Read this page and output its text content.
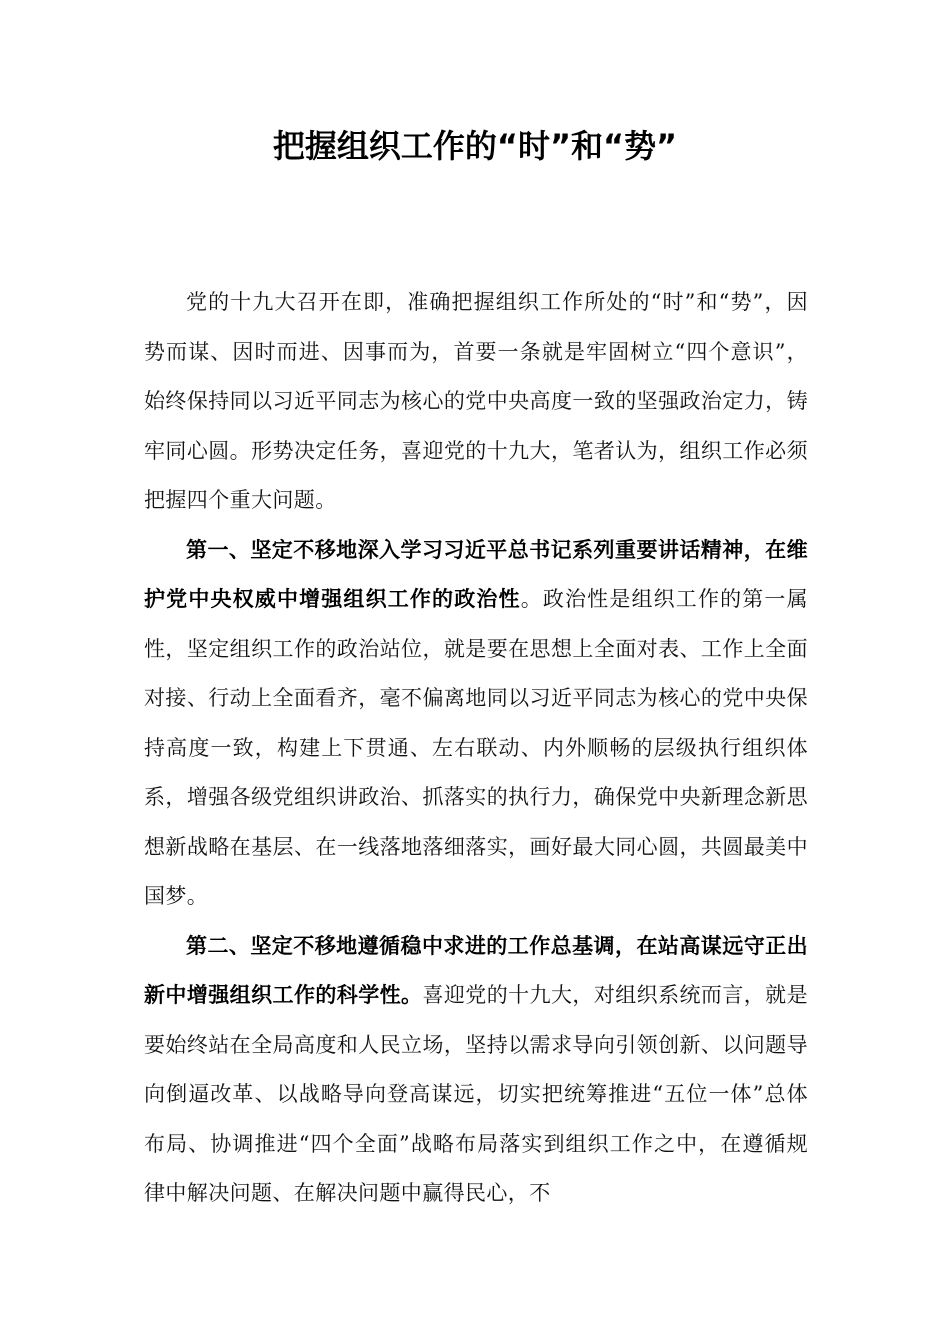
把握组织工作的“时”和“势”

党的十九大召开在即，准确把握组织工作所处的“时”和“势”，因势而谋、因时而进、因事而为，首要一条就是牢固树立“四个意识”，始终保持同以习近平同志为核心的党中央高度一致的坚强政治定力，铸牢同心圆。形势决定任务，喜迎党的十九大，笔者认为，组织工作必须把握四个重大问题。

第一、坚定不移地深入学习习近平总书记系列重要讲话精神，在维护党中央权威中增强组织工作的政治性。政治性是组织工作的第一属性，坚定组织工作的政治站位，就是要在思想上全面对表、工作上全面对接、行动上全面看齐，毫不偏离地同以习近平同志为核心的党中央保持高度一致，构建上下贯通、左右联动、内外顺畅的层级执行组织体系，增强各级党组织讲政治、抓落实的执行力，确保党中央新理念新思想新战略在基层、在一线落地落细落实，画好最大同心圆，共圆最美中国梦。

第二、坚定不移地遵循稳中求进的工作总基调，在站高谋远守正出新中增强组织工作的科学性。喜迎党的十九大，对组织系统而言，就是要始终站在全局高度和人民立场，坚持以需求导向引领创新、以问题导向倒逼改革、以战略导向登高谋远，切实把统筹推进“五位一体”总体布局、协调推进“四个全面”战略布局落实到组织工作之中，在遵循规律中解决问题、在解决问题中赢得民心，不
